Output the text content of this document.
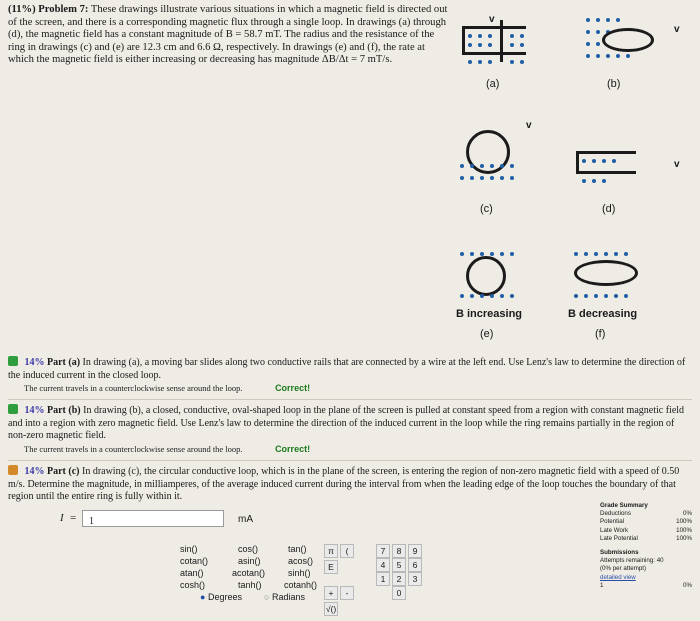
(11%) Problem 7: These drawings illustrate various situations in which a magnetic field is directed out of the screen, and there is a corresponding magnetic flux through a single loop. In drawings (a) through (d), the magnetic field has a constant magnitude of B = 58.7 mT. The radius and the resistance of the ring in drawings (c) and (e) are 12.3 cm and 6.6 Ω, respectively. In drawings (e) and (f), the rate at which the magnetic field is either increasing or decreasing has magnitude ΔB/Δt = 7 mT/s.
v
(a)
v
(b)
v
(c)
v
(d)
B increasing
(e)
B decreasing
(f)
14% Part (a) In drawing (a), a moving bar slides along two conductive rails that are connected by a wire at the left end. Use Lenz's law to determine the direction of the induced current in the closed loop.
The current travels in a counterclockwise sense around the loop.	Correct!
14% Part (b) In drawing (b), a closed, conductive, oval-shaped loop in the plane of the screen is pulled at constant speed from a region with constant magnetic field and into a region with zero magnetic field. Use Lenz's law to determine the direction of the induced current in the loop while the ring remains partially in the region of non-zero magnetic field.
The current travels in a counterclockwise sense around the loop.	Correct!
14% Part (c) In drawing (c), the circular conductive loop, which is in the plane of the screen, is entering the region of non-zero magnetic field with a speed of 0.50 m/s. Determine the magnitude, in milliamperes, of the average induced current during the interval from when the leading edge of the loop touches the boundary of that region until the entire ring is fully within it.
I =	1	mA
sin()	cos()	tan()
cotan()	asin()	acos()
atan()	acotan()	sinh()
cosh()	tanh() cotanh()
● Degrees ○ Radians
π	(
E
+	-
√()
7	8	9
4	5	6
1	2	3
0
Grade Summary
Deductions	0%
Potential	100%
Late Work	100%
Late Potential	100%
Submissions
Attempts remaining: 40
(0% per attempt)
detailed view
1	0%
